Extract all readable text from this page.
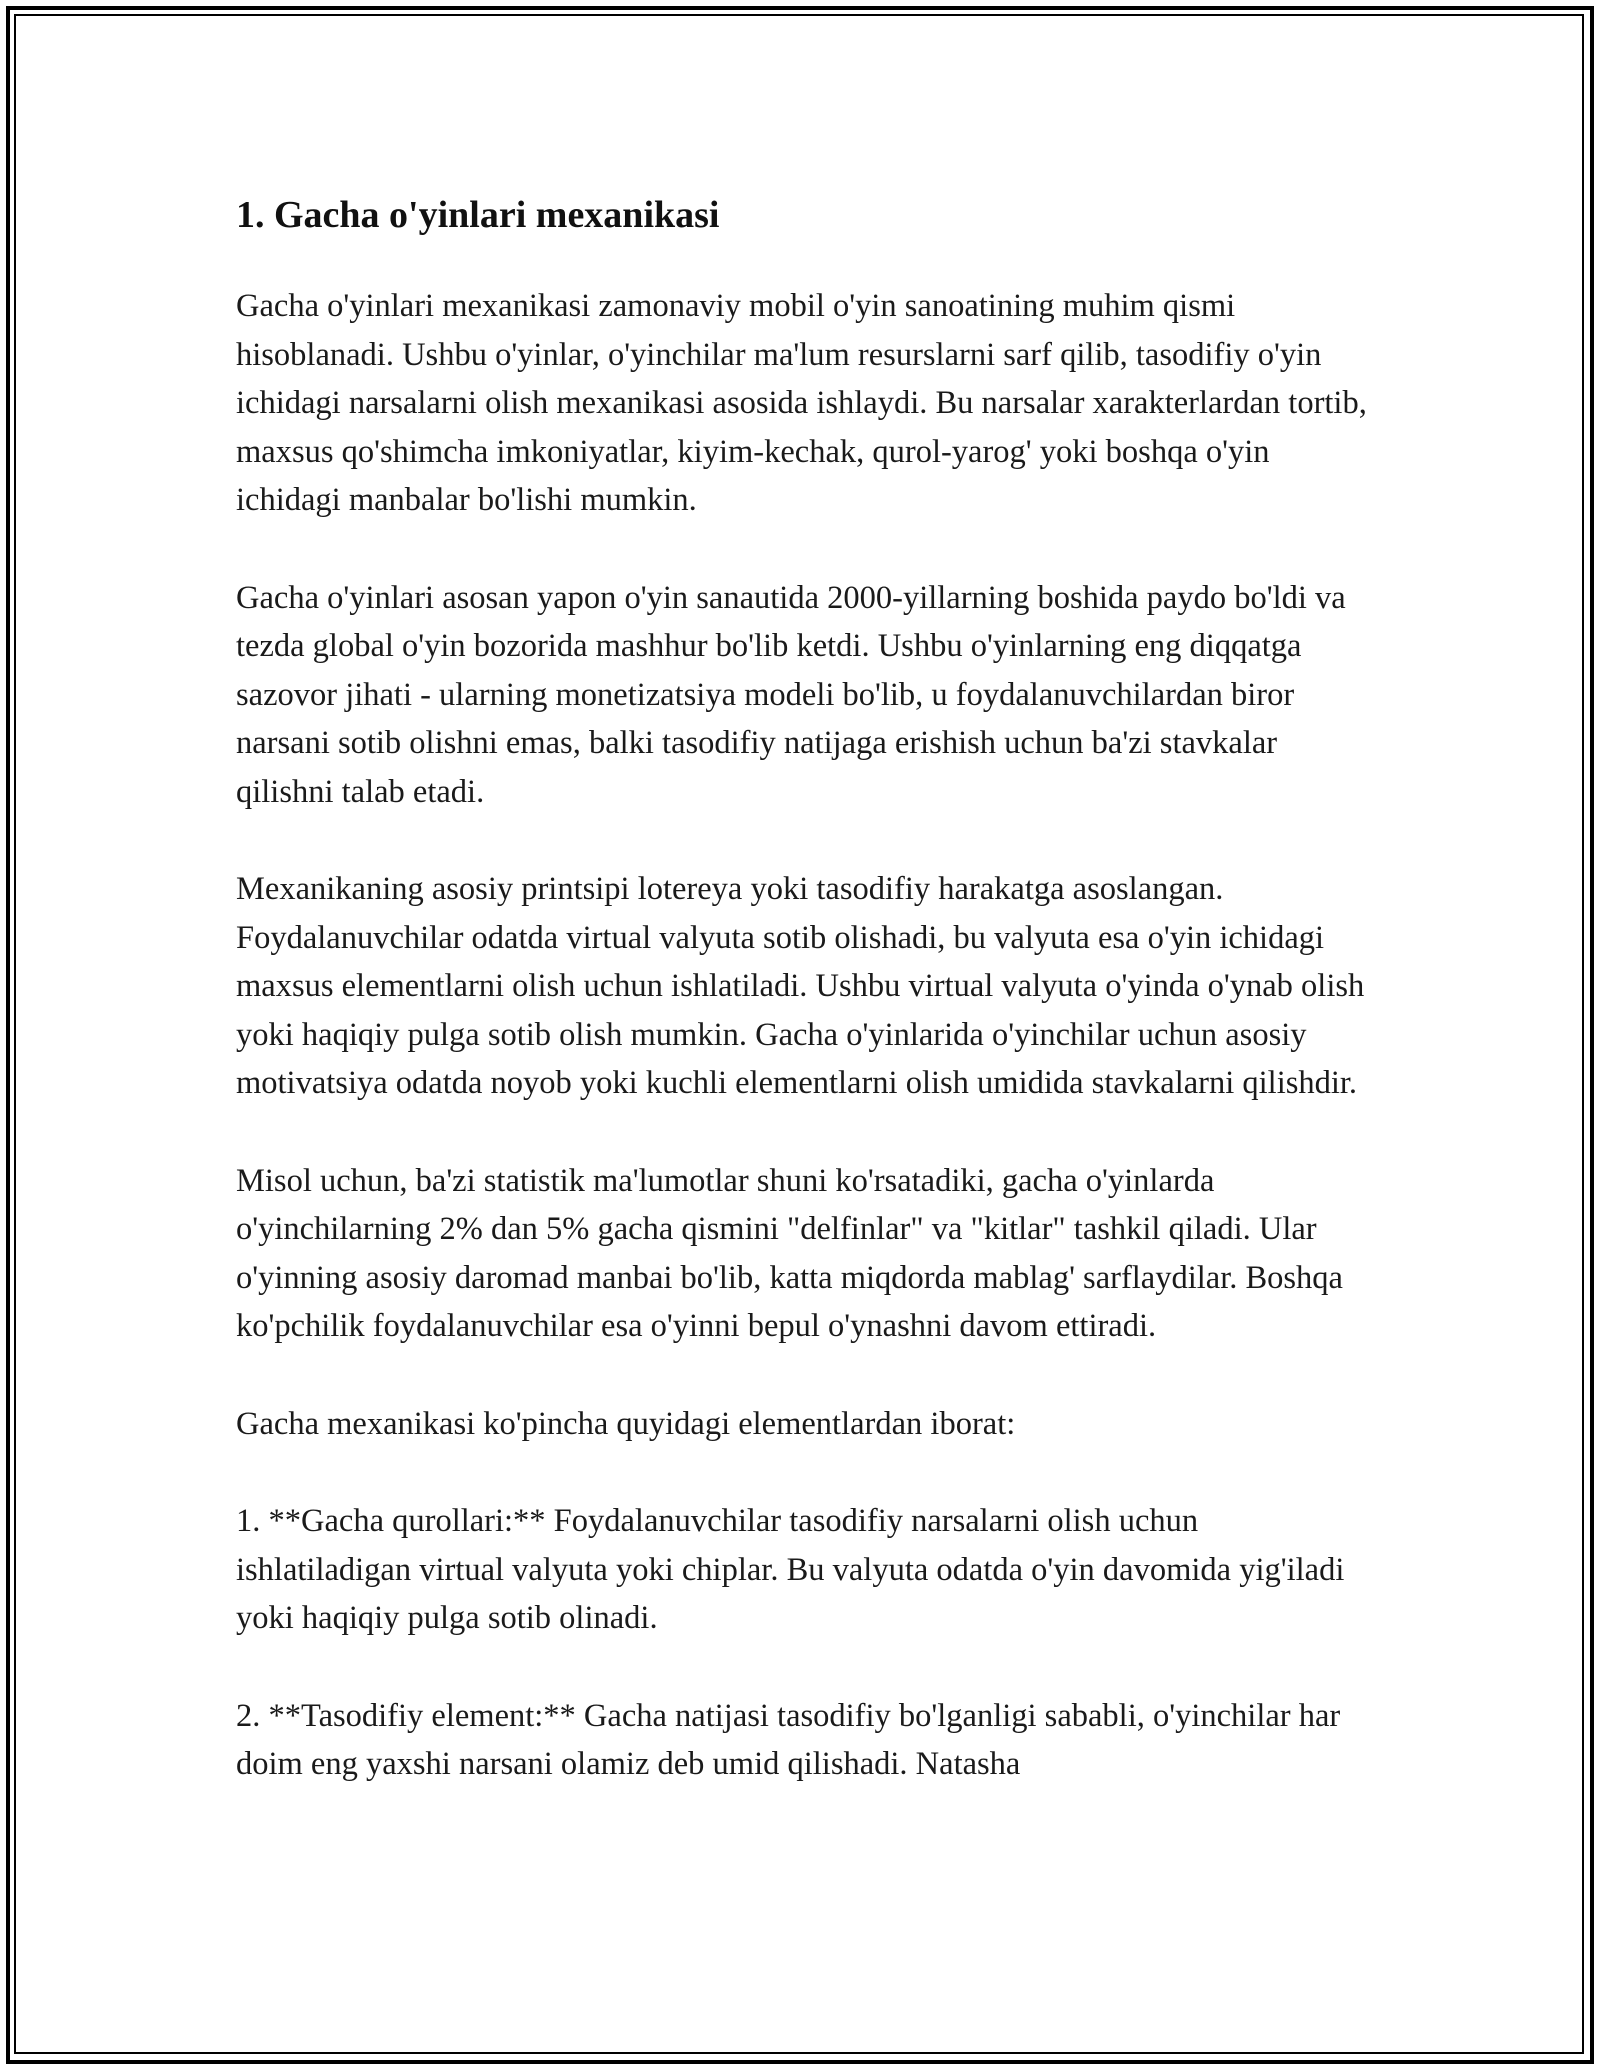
1. Gacha o'yinlari mexanikasi

Gacha o'yinlari mexanikasi zamonaviy mobil o'yin sanoatining muhim qismi hisoblanadi. Ushbu o'yinlar, o'yinchilar ma'lum resurslarni sarf qilib, tasodifiy o'yin ichidagi narsalarni olish mexanikasi asosida ishlaydi. Bu narsalar xarakterlardan tortib, maxsus qo'shimcha imkoniyatlar, kiyim-kechak, qurol-yarog' yoki boshqa o'yin ichidagi manbalar bo'lishi mumkin.

Gacha o'yinlari asosan yapon o'yin sanautida 2000-yillarning boshida paydo bo'ldi va tezda global o'yin bozorida mashhur bo'lib ketdi. Ushbu o'yinlarning eng diqqatga sazovor jihati - ularning monetizatsiya modeli bo'lib, u foydalanuvchilardan biror narsani sotib olishni emas, balki tasodifiy natijaga erishish uchun ba'zi stavkalar qilishni talab etadi.

Mexanikaning asosiy printsipi lotereya yoki tasodifiy harakatga asoslangan. Foydalanuvchilar odatda virtual valyuta sotib olishadi, bu valyuta esa o'yin ichidagi maxsus elementlarni olish uchun ishlatiladi. Ushbu virtual valyuta o'yinda o'ynab olish yoki haqiqiy pulga sotib olish mumkin. Gacha o'yinlarida o'yinchilar uchun asosiy motivatsiya odatda noyob yoki kuchli elementlarni olish umidida stavkalarni qilishdir.

Misol uchun, ba'zi statistik ma'lumotlar shuni ko'rsatadiki, gacha o'yinlarda o'yinchilarning 2% dan 5% gacha qismini "delfinlar" va "kitlar" tashkil qiladi. Ular o'yinning asosiy daromad manbai bo'lib, katta miqdorda mablag' sarflaydilar. Boshqa ko'pchilik foydalanuvchilar esa o'yinni bepul o'ynashni davom ettiradi.

Gacha mexanikasi ko'pincha quyidagi elementlardan iborat:

1. **Gacha qurollari:** Foydalanuvchilar tasodifiy narsalarni olish uchun ishlatiladigan virtual valyuta yoki chiplar. Bu valyuta odatda o'yin davomida yig'iladi yoki haqiqiy pulga sotib olinadi.

2. **Tasodifiy element:** Gacha natijasi tasodifiy bo'lganligi sababli, o'yinchilar har doim eng yaxshi narsani olamiz deb umid qilishadi. Natasha
